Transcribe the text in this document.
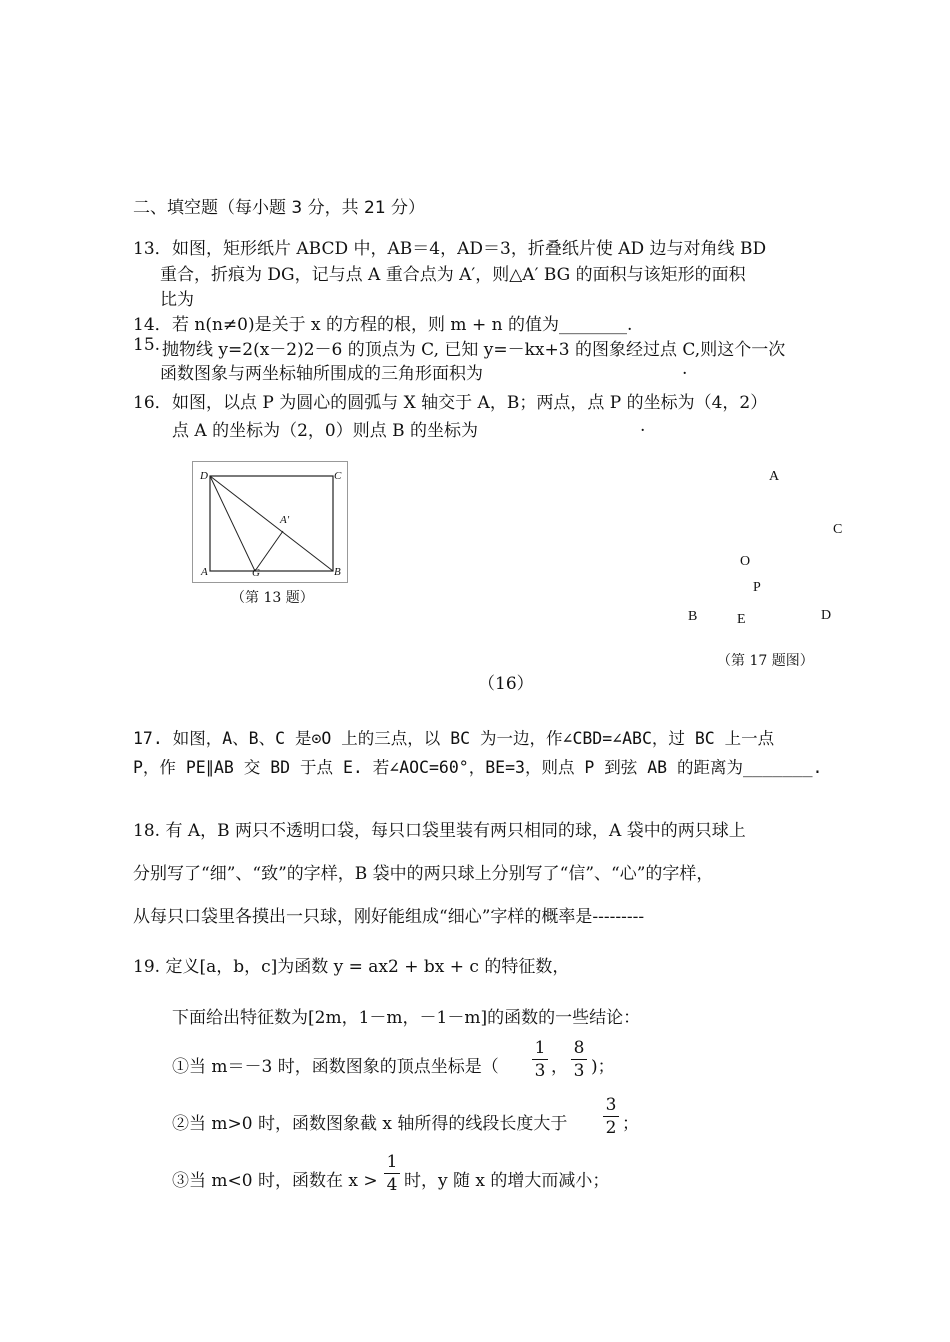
二、填空题（每小题 3 分，共 21 分）
13． 如图，矩形纸片 ABCD 中，AB＝4，AD＝3，折叠纸片使 AD 边与对角线 BD
重合，折痕为 DG，记与点 A 重合点为 A′，则△A′ BG 的面积与该矩形的面积
比为
14． 若 n(n≠0)是关于 x 的方程的根，则 m + n 的值为________.
15. 抛物线 y=2(x－2)2－6 的顶点为 C, 已知 y=－kx+3 的图象经过点 C,则这个一次
函数图象与两坐标轴所围成的三角形面积为	.
16． 如图，以点 P 为圆心的圆弧与 X 轴交于 A，B；两点，点 P 的坐标为（4，2）
点 A 的坐标为（2，0）则点 B 的坐标为	.
D	C
A	G	B
A′
（第 13 题）
A
C
O
P
B	E	D
（第 17 题图）
（16）
17. 如图，A、B、C 是⊙O 上的三点，以 BC 为一边，作∠CBD=∠ABC，过 BC 上一点
P，作 PE∥AB 交 BD 于点 E. 若∠AOC=60°，BE=3，则点 P 到弦 AB 的距离为_______.
18. 有 A，B 两只不透明口袋，每只口袋里装有两只相同的球，A 袋中的两只球上
分别写了“细”、“致”的字样，B 袋中的两只球上分别写了“信”、“心”的字样，
从每只口袋里各摸出一只球，刚好能组成“细心”字样的概率是---------
19. 定义[a，b，c]为函数 y = ax2 + bx + c 的特征数，
下面给出特征数为[2m，1－m，－1－m]的函数的一些结论：
①当 m＝－3 时，函数图象的顶点坐标是（
1
3 ，
8
3 )；
②当 m>0 时，函数图象截 x 轴所得的线段长度大于
3
2 ；
③当 m<0 时，函数在 x >
1
4 时，y 随 x 的增大而减小；
